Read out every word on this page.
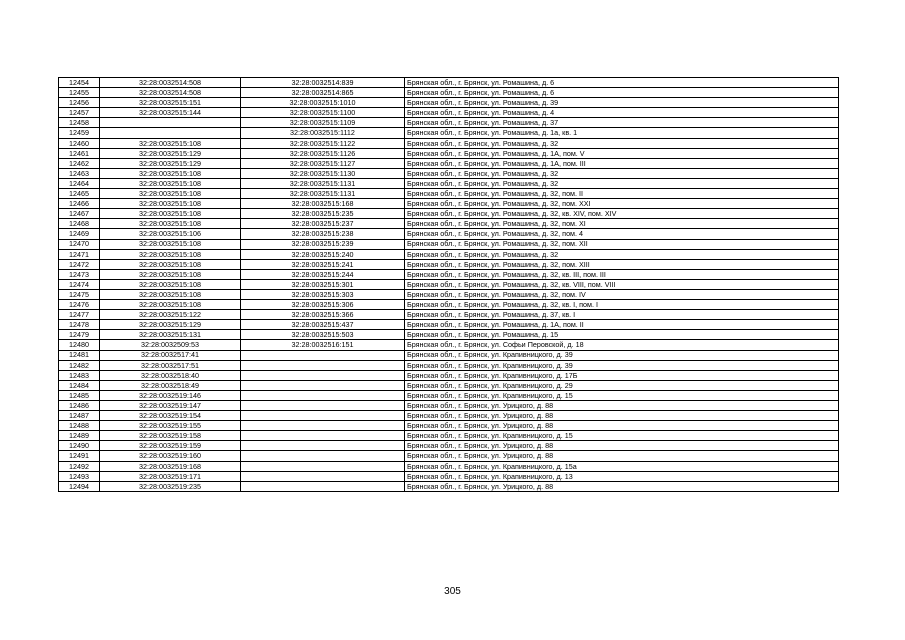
12454	32:28:0032514:508	32:28:0032514:839	Брянская обл., г. Брянск, ул. Ромашина, д. 6
12455	32:28:0032514:508	32:28:0032514:865	Брянская обл., г. Брянск, ул. Ромашина, д. 6
12456	32:28:0032515:151	32:28:0032515:1010	Брянская обл., г. Брянск, ул. Ромашина, д. 39
12457	32:28:0032515:144	32:28:0032515:1100	Брянская обл., г. Брянск, ул. Ромашина, д. 4
12458		32:28:0032515:1109	Брянская обл., г. Брянск, ул. Ромашина, д. 37
12459		32:28:0032515:1112	Брянская обл., г. Брянск, ул. Ромашина, д. 1а, кв. 1
12460	32:28:0032515:108	32:28:0032515:1122	Брянская обл., г. Брянск, ул. Ромашина, д. 32
12461	32:28:0032515:129	32:28:0032515:1126	Брянская обл., г. Брянск, ул. Ромашина, д. 1А, пом. V
12462	32:28:0032515:129	32:28:0032515:1127	Брянская обл., г. Брянск, ул. Ромашина, д. 1А, пом. III
12463	32:28:0032515:108	32:28:0032515:1130	Брянская обл., г. Брянск, ул. Ромашина, д. 32
12464	32:28:0032515:108	32:28:0032515:1131	Брянская обл., г. Брянск, ул. Ромашина, д. 32
12465	32:28:0032515:108	32:28:0032515:1131	Брянская обл., г. Брянск, ул. Ромашина, д. 32, пом. II
12466	32:28:0032515:108	32:28:0032515:168	Брянская обл., г. Брянск, ул. Ромашина, д. 32, пом. XXI
12467	32:28:0032515:108	32:28:0032515:235	Брянская обл., г. Брянск, ул. Ромашина, д. 32, кв. XIV, пом. XIV
12468	32:28:0032515:108	32:28:0032515:237	Брянская обл., г. Брянск, ул. Ромашина, д. 32, пом. XI
12469	32:28:0032515:106	32:28:0032515:238	Брянская обл., г. Брянск, ул. Ромашина, д. 32, пом. 4
12470	32:28:0032515:108	32:28:0032515:239	Брянская обл., г. Брянск, ул. Ромашина, д. 32, пом. XII
12471	32:28:0032515:108	32:28:0032515:240	Брянская обл., г. Брянск, ул. Ромашина, д. 32
12472	32:28:0032515:108	32:28:0032515:241	Брянская обл., г. Брянск, ул. Ромашина, д. 32, пом. XIII
12473	32:28:0032515:108	32:28:0032515:244	Брянская обл., г. Брянск, ул. Ромашина, д. 32, кв. III, пом. III
12474	32:28:0032515:108	32:28:0032515:301	Брянская обл., г. Брянск, ул. Ромашина, д. 32, кв. VIII, пом. VIII
12475	32:28:0032515:108	32:28:0032515:303	Брянская обл., г. Брянск, ул. Ромашина, д. 32, пом. IV
12476	32:28:0032515:108	32:28:0032515:306	Брянская обл., г. Брянск, ул. Ромашина, д. 32, кв. I, пом. I
12477	32:28:0032515:122	32:28:0032515:366	Брянская обл., г. Брянск, ул. Ромашина, д. 37, кв. I
12478	32:28:0032515:129	32:28:0032515:437	Брянская обл., г. Брянск, ул. Ромашина, д. 1А, пом. II
12479	32:28:0032515:131	32:28:0032515:503	Брянская обл., г. Брянск, ул. Ромашина, д. 15
12480	32:28:0032509:53	32:28:0032516:151	Брянская обл., г. Брянск, ул. Софьи Перовской, д. 18
12481	32:28:0032517:41		Брянская обл., г. Брянск, ул. Крапивницкого, д. 39
12482	32:28:0032517:51		Брянская обл., г. Брянск, ул. Крапивницкого, д. 39
12483	32:28:0032518:40		Брянская обл., г. Брянск, ул. Крапивницкого, д. 17Б
12484	32:28:0032518:49		Брянская обл., г. Брянск, ул. Крапивницкого, д. 29
12485	32:28:0032519:146		Брянская обл., г. Брянск, ул. Крапивницкого, д. 15
12486	32:28:0032519:147		Брянская обл., г. Брянск, ул. Урицкого, д. 88
12487	32:28:0032519:154		Брянская обл., г. Брянск, ул. Урицкого, д. 88
12488	32:28:0032519:155		Брянская обл., г. Брянск, ул. Урицкого, д. 88
12489	32:28:0032519:158		Брянская обл., г. Брянск, ул. Крапивницкого, д. 15
12490	32:28:0032519:159		Брянская обл., г. Брянск, ул. Урицкого, д. 88
12491	32:28:0032519:160		Брянская обл., г. Брянск, ул. Урицкого, д. 88
12492	32:28:0032519:168		Брянская обл., г. Брянск, ул. Крапивницкого, д. 15а
12493	32:28:0032519:171		Брянская обл., г. Брянск, ул. Крапивницкого, д. 13
12494	32:28:0032519:235		Брянская обл., г. Брянск, ул. Урицкого, д. 88
305
